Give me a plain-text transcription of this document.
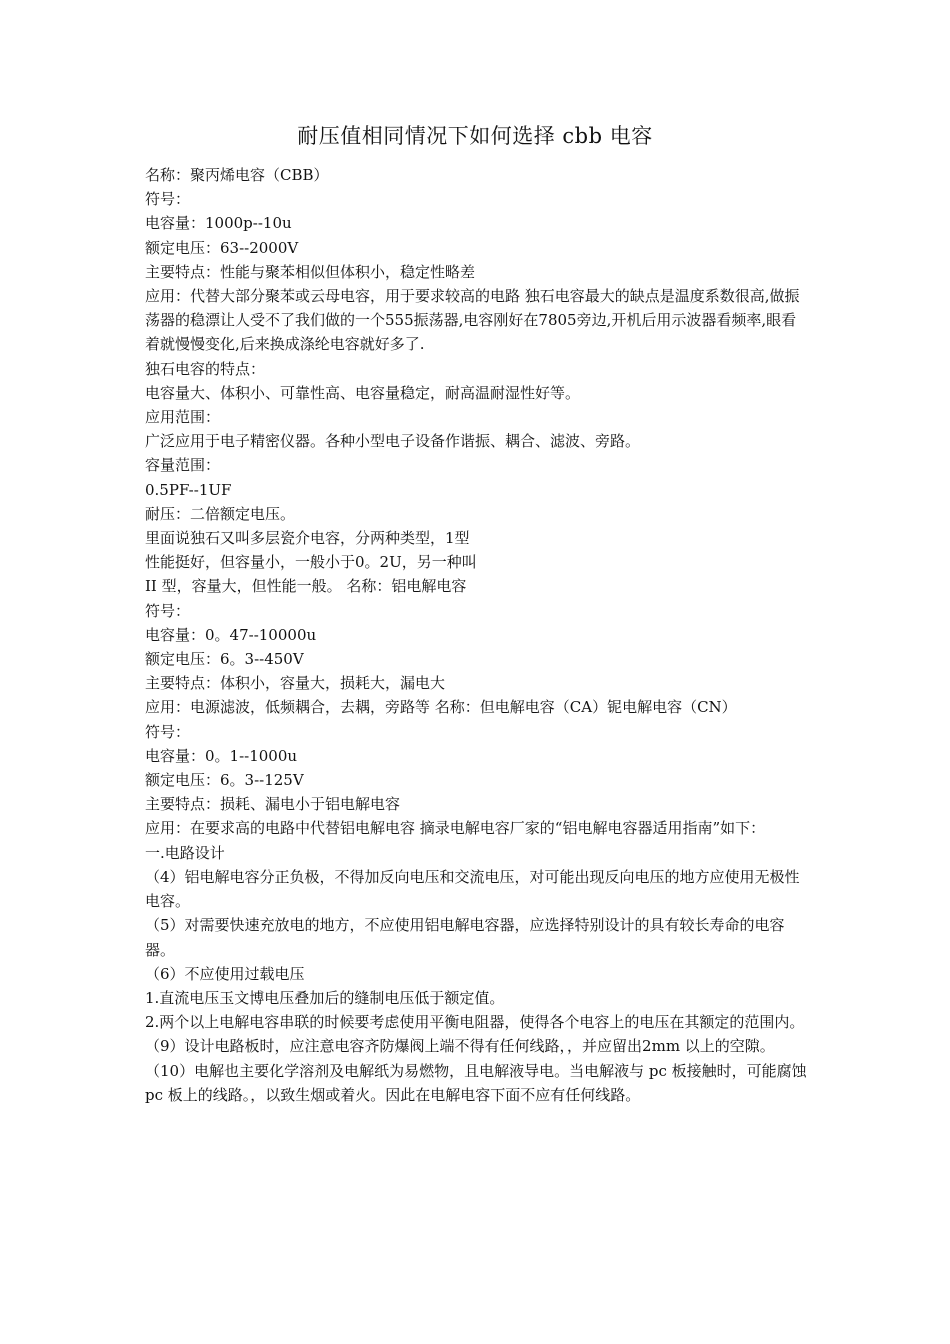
耐压值相同情况下如何选择 cbb 电容

名称：聚丙烯电容（CBB）

符号：

电容量：1000p--10u

额定电压：63--2000V

主要特点：性能与聚苯相似但体积小，稳定性略差

应用：代替大部分聚苯或云母电容，用于要求较高的电路 独石电容最大的缺点是温度系数很高,做振荡器的稳漂让人受不了我们做的一个555振荡器,电容刚好在7805旁边,开机后用示波器看频率,眼看着就慢慢变化,后来换成涤纶电容就好多了.

独石电容的特点：

电容量大、体积小、可靠性高、电容量稳定，耐高温耐湿性好等。

应用范围：

广泛应用于电子精密仪器。各种小型电子设备作谐振、耦合、滤波、旁路。

容量范围：

0.5PF--1UF

耐压：二倍额定电压。

里面说独石又叫多层瓷介电容，分两种类型，1型

性能挺好，但容量小，一般小于0。2U，另一种叫

II 型，容量大，但性能一般。 名称：铝电解电容

符号：

电容量：0。47--10000u

额定电压：6。3--450V

主要特点：体积小，容量大，损耗大，漏电大

应用：电源滤波，低频耦合，去耦，旁路等 名称：但电解电容（CA）铌电解电容（CN）

符号：

电容量：0。1--1000u

额定电压：6。3--125V

主要特点：损耗、漏电小于铝电解电容

应用：在要求高的电路中代替铝电解电容 摘录电解电容厂家的“铝电解电容器适用指南”如下：

一.电路设计

（4）铝电解电容分正负极，不得加反向电压和交流电压，对可能出现反向电压的地方应使用无极性电容。

（5）对需要快速充放电的地方，不应使用铝电解电容器，应选择特别设计的具有较长寿命的电容器。

（6）不应使用过载电压

1.直流电压玉文博电压叠加后的缝制电压低于额定值。

2.两个以上电解电容串联的时候要考虑使用平衡电阻器，使得各个电容上的电压在其额定的范围内。

（9）设计电路板时，应注意电容齐防爆阀上端不得有任何线路，，并应留出2mm 以上的空隙。

（10）电解也主要化学溶剂及电解纸为易燃物，且电解液导电。当电解液与 pc 板接触时，可能腐蚀 pc 板上的线路。，以致生烟或着火。因此在电解电容下面不应有任何线路。
